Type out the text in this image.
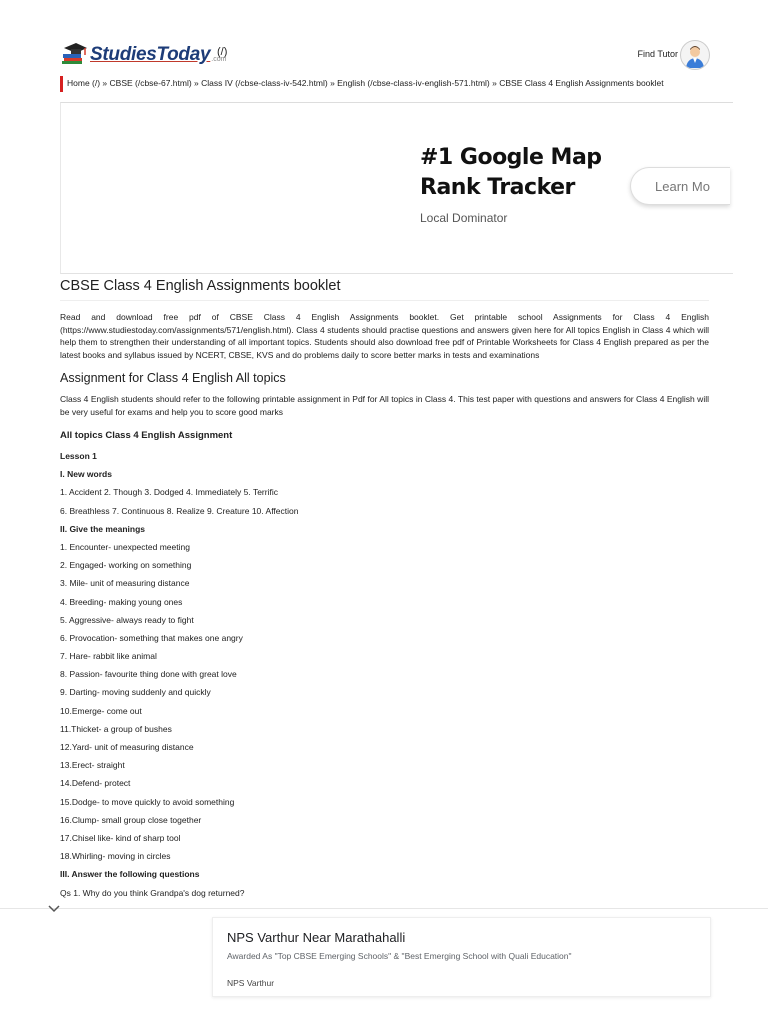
StudiesToday .com
(/)	Find Tutor
Home (/) » CBSE (/cbse-67.html) » Class IV (/cbse-class-iv-542.html) » English (/cbse-class-iv-english-571.html) » CBSE Class 4 English Assignments booklet
#1 Google Map
Rank Tracker
Local Dominator
Learn Mo
CBSE Class 4 English Assignments booklet

Read and download free pdf of CBSE Class 4 English Assignments booklet. Get printable school Assignments for Class 4 English (https://www.studiestoday.com/assignments/571/english.html). Class 4 students should practise questions and answers given here for All topics English in Class 4 which will help them to strengthen their understanding of all important topics. Students should also download free pdf of Printable Worksheets for Class 4 English prepared as per the latest books and syllabus issued by NCERT, CBSE, KVS and do problems daily to score better marks in tests and examinations

Assignment for Class 4 English All topics

Class 4 English students should refer to the following printable assignment in Pdf for All topics in Class 4. This test paper with questions and answers for Class 4 English will be very useful for exams and help you to score good marks

All topics Class 4 English Assignment
Lesson 1
I. New words
1. Accident 2. Though 3. Dodged 4. Immediately 5. Terrific
6. Breathless 7. Continuous 8. Realize 9. Creature 10. Affection
II. Give the meanings
1. Encounter- unexpected meeting
2. Engaged- working on something
3. Mile- unit of measuring distance
4. Breeding- making young ones
5. Aggressive- always ready to fight
6. Provocation- something that makes one angry
7. Hare- rabbit like animal
8. Passion- favourite thing done with great love
9. Darting- moving suddenly and quickly
10.Emerge- come out
11.Thicket- a group of bushes
12.Yard- unit of measuring distance
13.Erect- straight
14.Defend- protect
15.Dodge- to move quickly to avoid something
16.Clump- small group close together
17.Chisel like- kind of sharp tool
18.Whirling- moving in circles
III. Answer the following questions
Qs 1. Why do you think Grandpa's dog returned?
NPS Varthur Near Marathahalli
Awarded As "Top CBSE Emerging Schools" & "Best Emerging School with Quali Education"
NPS Varthur
